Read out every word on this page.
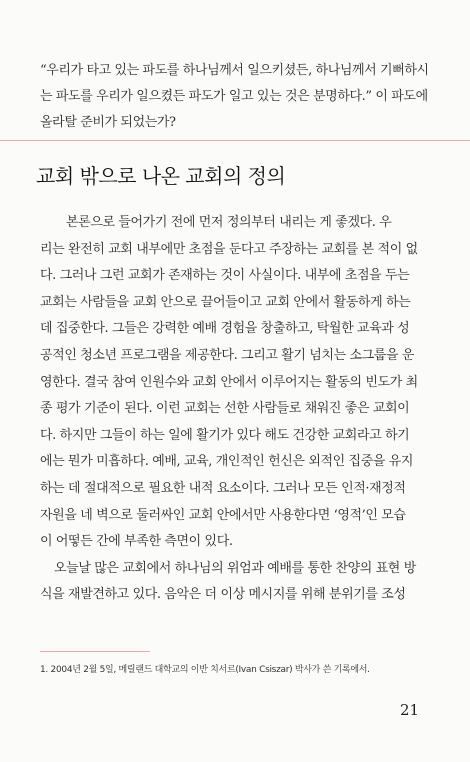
“우리가 타고 있는 파도를 하나님께서 일으키셨든, 하나님께서 기뻐하시

는 파도를 우리가 일으켰든 파도가 일고 있는 것은 분명하다.” 이 파도에

올라탈 준비가 되었는가?

교회 밖으로 나온 교회의 정의

본론으로 들어가기 전에 먼저 정의부터 내리는 게 좋겠다. 우

리는 완전히 교회 내부에만 초점을 둔다고 주장하는 교회를 본 적이 없

다. 그러나 그런 교회가 존재하는 것이 사실이다. 내부에 초점을 두는

교회는 사람들을 교회 안으로 끌어들이고 교회 안에서 활동하게 하는

데 집중한다. 그들은 강력한 예배 경험을 창출하고, 탁월한 교육과 성

공적인 청소년 프로그램을 제공한다. 그리고 활기 넘치는 소그룹을 운

영한다. 결국 참여 인원수와 교회 안에서 이루어지는 활동의 빈도가 최

종 평가 기준이 된다. 이런 교회는 선한 사람들로 채워진 좋은 교회이

다. 하지만 그들이 하는 일에 활기가 있다 해도 건강한 교회라고 하기

에는 뭔가 미흡하다. 예배, 교육, 개인적인 헌신은 외적인 집중을 유지

하는 데 절대적으로 필요한 내적 요소이다. 그러나 모든 인적·재정적

자원을 네 벽으로 둘러싸인 교회 안에서만 사용한다면 ‘영적’인 모습

이 어떻든 간에 부족한 측면이 있다.

오늘날 많은 교회에서 하나님의 위엄과 예배를 통한 찬양의 표현 방

식을 재발견하고 있다. 음악은 더 이상 메시지를 위해 분위기를 조성

1. 2004년 2월 5일, 메릴랜드 대학교의 이반 치서르(Ivan Csiszar) 박사가 쓴 기록에서.
21
